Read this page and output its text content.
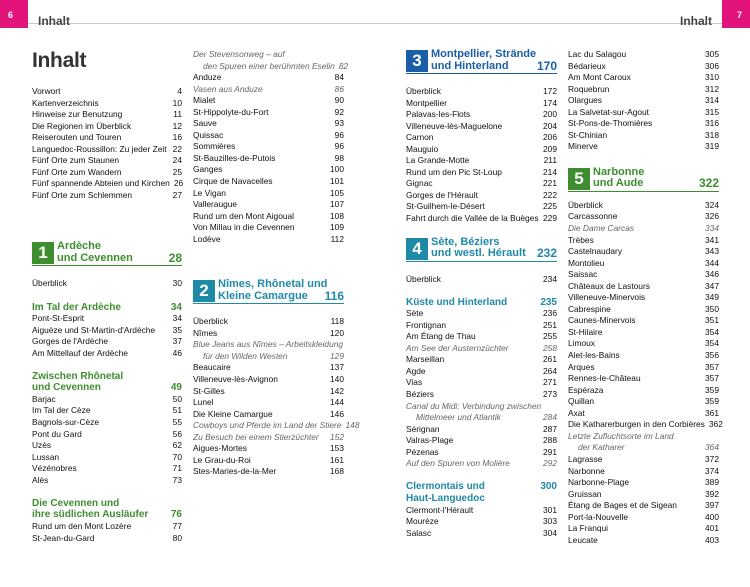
6	Inhalt
Inhalt
Vorwort	4
Kartenverzeichnis	10
Hinweise zur Benutzung	11
Die Regionen im Überblick	12
Reiserouten und Touren	16
Languedoc-Roussillon: Zu jeder Zeit 22
Fünf Orte zum Staunen	24
Fünf Orte zum Wandern	25
Fünf spannende Abteien und Kirchen 26
Fünf Orte zum Schlemmen	27
1 Ardèche
und Cevennen	28
Überblick	30
Im Tal der Ardèche	34
Pont-St-Esprit	34
Aiguèze und St-Martin-d'Ardèche	35
Gorges de l'Ardèche	37
Am Mittellauf der Ardèche	46
Zwischen Rhônetal
und Cevennen	49
Barjac	50
Im Tal der Cèze	51
Bagnols-sur-Cèze	55
Pont du Gard	56
Uzès	62
Lussan	70
Vézénobres	71
Alès	73
Die Cevennen und
ihre südlichen Ausläufer 76
Rund um den Mont Lozère	77
St-Jean-du-Gard	80
Der Stevensonweg – auf
den Spuren einer berühmten Eselin 82
Anduze	84
Vasen aus Anduze	86
Mialet	90
St-Hippolyte-du-Fort	92
Sauve	93
Quissac	96
Sommières	96
St-Bauzilles-de-Putois	98
Ganges	100
Cirque de Navacelles	101
Le Vigan	105
Valleraugue	107
Rund um den Mont Aigoual	108
Von Millau in die Cevennen	109
Lodève	112
2 Nîmes, Rhônetal und
Kleine Camargue 116
Überblick	118
Nîmes	120
Blue Jeans aus Nîmes – Arbeitskleidung
für den Wilden Westen	129
Beaucaire	137
Villeneuve-lès-Avignon	140
St-Gilles	142
Lunel	144
Die Kleine Camargue	146
Cowboys und Pferde im Land der Stiere 148
Zu Besuch bei einem Stierzüchter	152
Aigues-Mortes	153
Le Grau-du-Roi	161
Stes-Maries-de-la-Mer	168
7
Inhalt
3 Montpellier, Strände
und Hinterland 170
Überblick	172
Montpellier	174
Palavas-les-Flots	200
Villeneuve-lès-Maguelone	204
Carnon	206
Mauguio	209
La Grande-Motte	211
Rund um den Pic St-Loup	214
Gignac	221
Gorges de l'Hérault	222
St-Guilhem-le-Désert	225
Fahrt durch die Vallée de la Buèges 229
4 Sète, Béziers
und westl. Hérault 232
Überblick	234
Küste und Hinterland	235
Sète	236
Frontignan	251
Am Étang de Thau	255
Am See der Austernzüchter	258
Marseillan	261
Agde	264
Vias	271
Béziers	273
Canal du Midi: Verbindung zwischen
Mittelmeer und Atlantik	284
Sérignan	287
Valras-Plage	288
Pézenas	291
Auf den Spuren von Molière	292
Clermontais und	300
Haut-Languedoc
Clermont-l'Hérault	301
Mourèze	303
Salasc	304
Lac du Salagou	305
Bédarieux	306
Am Mont Caroux	310
Roquebrun	312
Olargues	314
La Salvetat-sur-Agout	315
St-Pons-de-Thomières	316
St-Chinian	318
Minerve	319
5 Narbonne
und Aude	322
Überblick	324
Carcassonne	326
Die Dame Carcas	334
Trèbes	341
Castelnaudary	343
Montolieu	344
Saissac	346
Châteaux de Lastours	347
Villeneuve-Minervois	349
Cabrespine	350
Caunes-Minervois	351
St-Hilaire	354
Limoux	354
Alet-les-Bains	356
Arques	357
Rennes-le-Château	357
Espéraza	359
Quillan	359
Axat	361
Die Katharerburgen in den Corbières 362
Letzte Zufluchtsorte im Land
der Katharer	364
Lagrasse	372
Narbonne	374
Narbonne-Plage	389
Gruissan	392
Étang de Bages et de Sigean	397
Port-la-Nouvelle	400
La Franqui	401
Leucate	403
